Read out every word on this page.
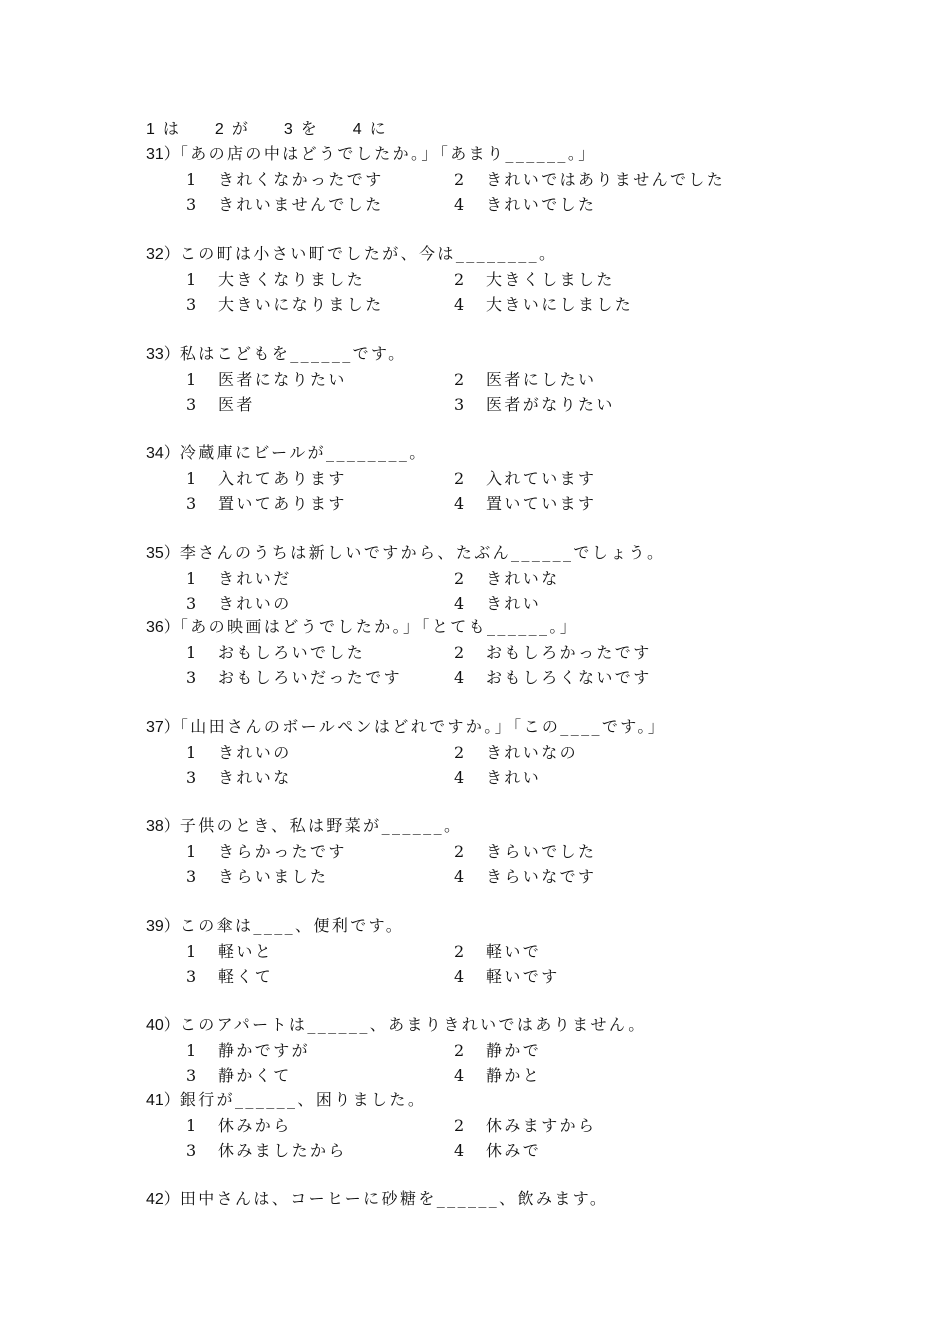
1 は 2 が 3 を 4 に
31）「あの店の中はどうでしたか。」「あまり______。」
1 きれくなかったです	2 きれいではありませんでした
3 きれいませんでした	4 きれいでした
32）この町は小さい町でしたが、今は________。
1 大きくなりました	2 大きくしました
3 大きいになりました	4 大きいにしました
33）私はこどもを______です。
1 医者になりたい	2 医者にしたい
3 医者	3 医者がなりたい
34）冷蔵庫にビールが________。
1 入れてあります	2 入れています
3 置いてあります	4 置いています
35）李さんのうちは新しいですから、たぶん______でしょう。
1 きれいだ	2 きれいな
3 きれいの	4 きれい
36）「あの映画はどうでしたか。」「とても______。」
1 おもしろいでした	2 おもしろかったです
3 おもしろいだったです	4 おもしろくないです
37）「山田さんのボールペンはどれですか。」「この____です。」
1 きれいの	2 きれいなの
3 きれいな	4 きれい
38）子供のとき、私は野菜が______。
1 きらかったです	2 きらいでした
3 きらいました	4 きらいなです
39）この傘は____、便利です。
1 軽いと	2 軽いで
3 軽くて	4 軽いです
40）このアパートは______、あまりきれいではありません。
1 静かですが	2 静かで
3 静かくて	4 静かと
41）銀行が______、困りました。
1 休みから	2 休みますから
3 休みましたから	4 休みで
42）田中さんは、コーヒーに砂糖を______、飲みます。
